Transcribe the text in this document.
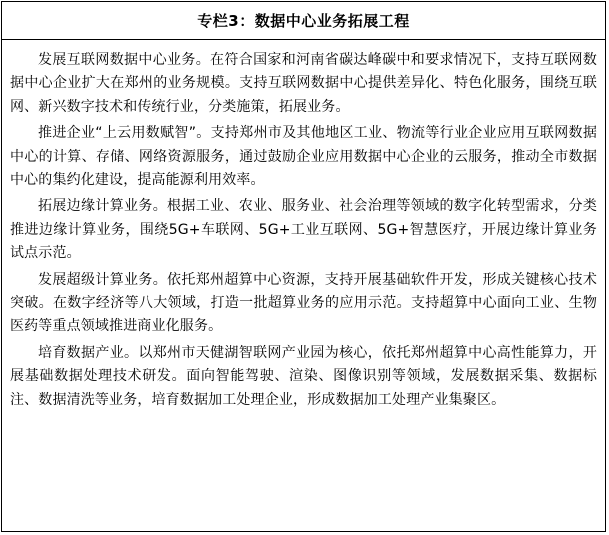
专栏3：数据中心业务拓展工程

发展互联网数据中心业务。在符合国家和河南省碳达峰碳中和要求情况下，支持互联网数据中心企业扩大在郑州的业务规模。支持互联网数据中心提供差异化、特色化服务，围绕互联网、新兴数字技术和传统行业，分类施策，拓展业务。

推进企业“上云用数赋智”。支持郑州市及其他地区工业、物流等行业企业应用互联网数据中心的计算、存储、网络资源服务，通过鼓励企业应用数据中心企业的云服务，推动全市数据中心的集约化建设，提高能源利用效率。

拓展边缘计算业务。根据工业、农业、服务业、社会治理等领域的数字化转型需求，分类推进边缘计算业务，围绕5G+车联网、5G+工业互联网、5G+智慧医疗，开展边缘计算业务试点示范。

发展超级计算业务。依托郑州超算中心资源，支持开展基础软件开发，形成关键核心技术突破。在数字经济等八大领域，打造一批超算业务的应用示范。支持超算中心面向工业、生物医药等重点领域推进商业化服务。

培育数据产业。以郑州市天健湖智联网产业园为核心，依托郑州超算中心高性能算力，开展基础数据处理技术研发。面向智能驾驶、渲染、图像识别等领域，发展数据采集、数据标注、数据清洗等业务，培育数据加工处理企业，形成数据加工处理产业集聚区。
